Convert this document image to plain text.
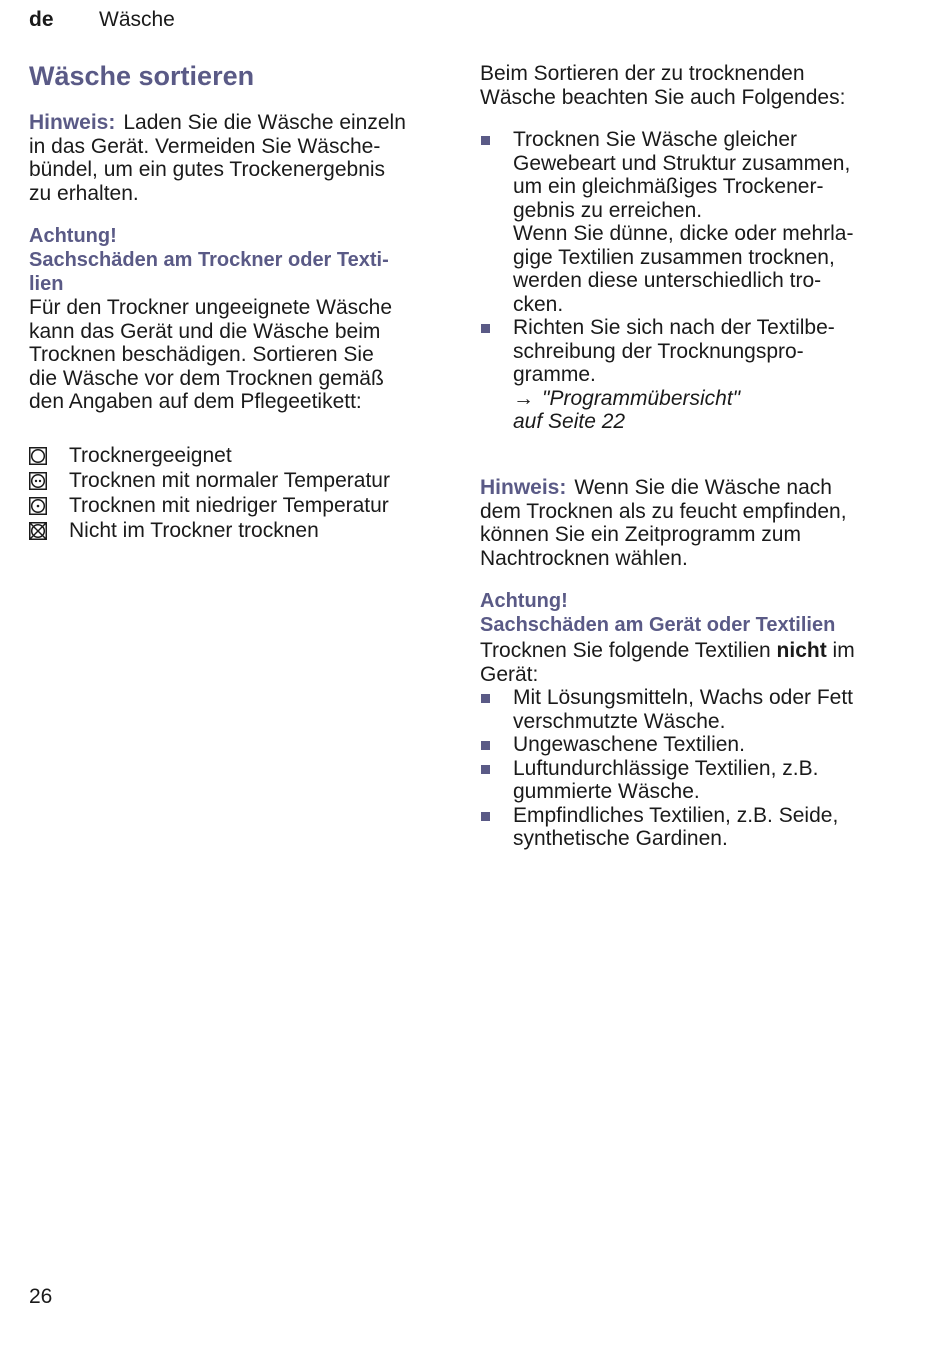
de Wäsche
Wäsche sortieren
Hinweis: Laden Sie die Wäsche einzeln
in das Gerät. Vermeiden Sie Wäsche-
bündel, um ein gutes Trockenergebnis
zu erhalten.
Achtung!
Sachschäden am Trockner oder Texti-
lien
Für den Trockner ungeeignete Wäsche
kann das Gerät und die Wäsche beim
Trocknen beschädigen. Sortieren Sie
die Wäsche vor dem Trocknen gemäß
den Angaben auf dem Pflegeetikett:
Trocknergeeignet
Trocknen mit normaler Temperatur
Trocknen mit niedriger Temperatur
Nicht im Trockner trocknen
Beim Sortieren der zu trocknenden
Wäsche beachten Sie auch Folgendes:
Trocknen Sie Wäsche gleicher
Gewebeart und Struktur zusammen,
um ein gleichmäßiges Trockener-
gebnis zu erreichen.
Wenn Sie dünne, dicke oder mehrla-
gige Textilien zusammen trocknen,
werden diese unterschiedlich tro-
cken.
Richten Sie sich nach der Textilbe-
schreibung der Trocknungspro-
gramme.
→ "Programmübersicht"
auf Seite 22
Hinweis: Wenn Sie die Wäsche nach
dem Trocknen als zu feucht empfinden,
können Sie ein Zeitprogramm zum
Nachtrocknen wählen.
Achtung!
Sachschäden am Gerät oder Textilien
Trocknen Sie folgende Textilien nicht im
Gerät:
Mit Lösungsmitteln, Wachs oder Fett
verschmutzte Wäsche.
Ungewaschene Textilien.
Luftundurchlässige Textilien, z.B.
gummierte Wäsche.
Empfindliches Textilien, z.B. Seide,
synthetische Gardinen.
26
